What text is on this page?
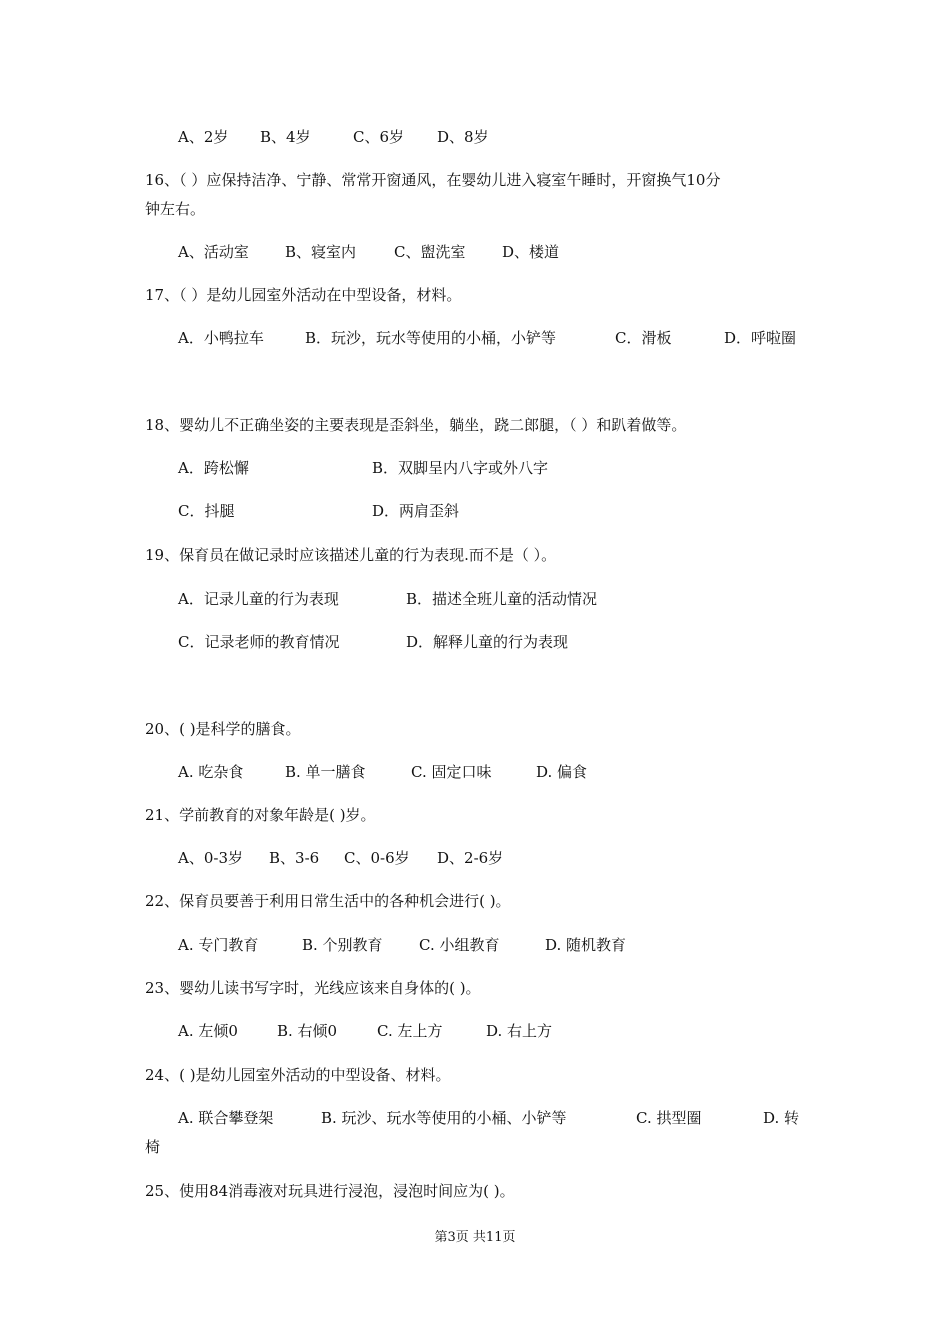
A、2岁 B、4岁	C、6岁 D、8岁
16、（ ）应保持洁净、宁静、常常开窗通风，在婴幼儿进入寝室午睡时，开窗换气10分
钟左右。
A、活动室 B、寝室内	C、盥洗室 D、楼道
17、（ ）是幼儿园室外活动在中型设备，材料。
A．小鸭拉车	B．玩沙，玩水等使用的小桶，小铲等	C．滑板	D．呼啦圈
18、婴幼儿不正确坐姿的主要表现是歪斜坐，躺坐，跷二郎腿，（ ）和趴着做等。
A．跨松懈	B．双脚呈内八字或外八字
C．抖腿	D．两肩歪斜
19、保育员在做记录时应该描述儿童的行为表现.而不是（ ）。
A．记录儿童的行为表现	B．描述全班儿童的活动情况
C．记录老师的教育情况	D．解释儿童的行为表现
20、( )是科学的膳食。
A. 吃杂食	B. 单一膳食	C. 固定口味	D. 偏食
21、学前教育的对象年龄是( )岁。
A、0-3岁 B、3-6 C、0-6岁 D、2-6岁
22、保育员要善于利用日常生活中的各种机会进行( )。
A. 专门教育	B. 个别教育 C. 小组教育	D. 随机教育
23、婴幼儿读书写字时，光线应该来自身体的( )。
A. 左倾0	B. 右倾0	C. 左上方	D. 右上方
24、( )是幼儿园室外活动的中型设备、材料。
A. 联合攀登架	B. 玩沙、玩水等使用的小桶、小铲等	C. 拱型圈	D. 转
椅
25、使用84消毒液对玩具进行浸泡，浸泡时间应为( )。
第3页 共11页
